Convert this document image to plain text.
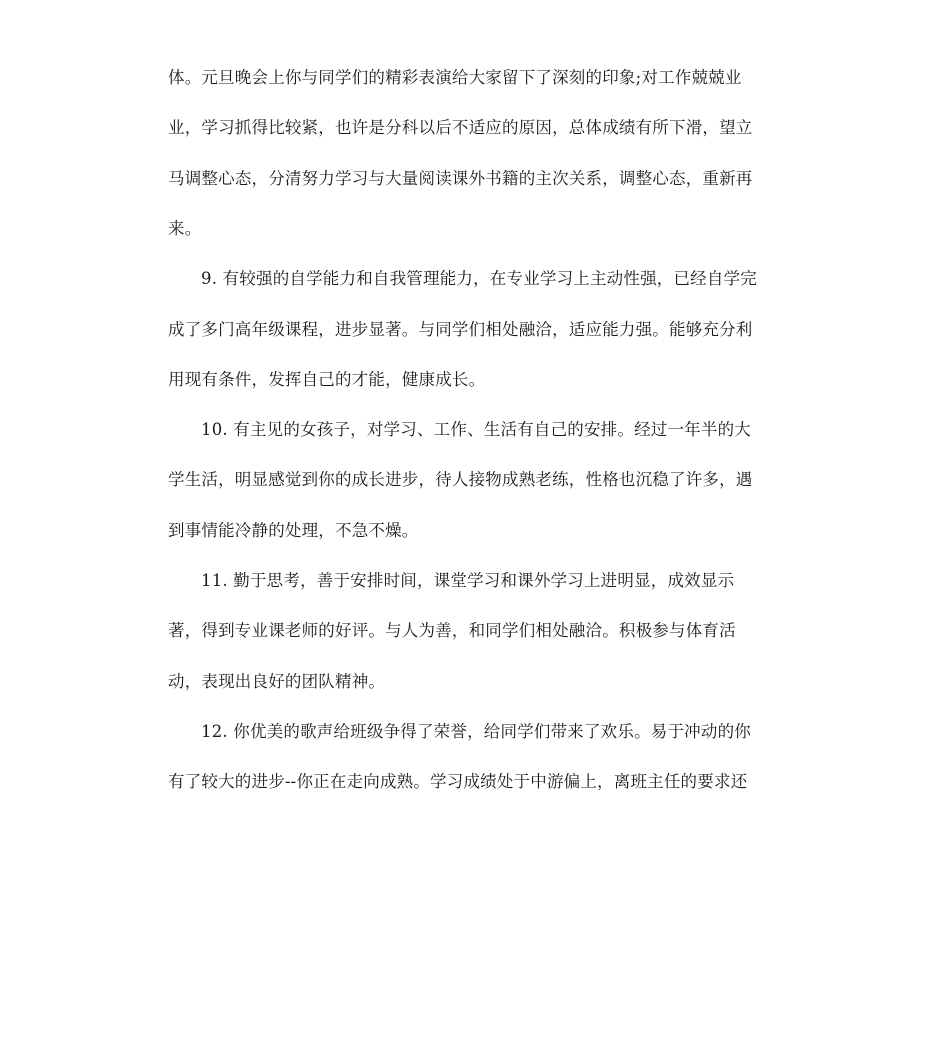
体。元旦晚会上你与同学们的精彩表演给大家留下了深刻的印象;对工作兢兢业
业，学习抓得比较紧，也许是分科以后不适应的原因，总体成绩有所下滑，望立
马调整心态，分清努力学习与大量阅读课外书籍的主次关系，调整心态，重新再
来。
9. 有较强的自学能力和自我管理能力，在专业学习上主动性强，已经自学完
成了多门高年级课程，进步显著。与同学们相处融洽，适应能力强。能够充分利
用现有条件，发挥自己的才能，健康成长。
10. 有主见的女孩子，对学习、工作、生活有自己的安排。经过一年半的大
学生活，明显感觉到你的成长进步，待人接物成熟老练，性格也沉稳了许多，遇
到事情能冷静的处理，不急不燥。
11. 勤于思考，善于安排时间，课堂学习和课外学习上进明显，成效显示
著，得到专业课老师的好评。与人为善，和同学们相处融洽。积极参与体育活
动，表现出良好的团队精神。
12. 你优美的歌声给班级争得了荣誉，给同学们带来了欢乐。易于冲动的你
有了较大的进步--你正在走向成熟。学习成绩处于中游偏上，离班主任的要求还
